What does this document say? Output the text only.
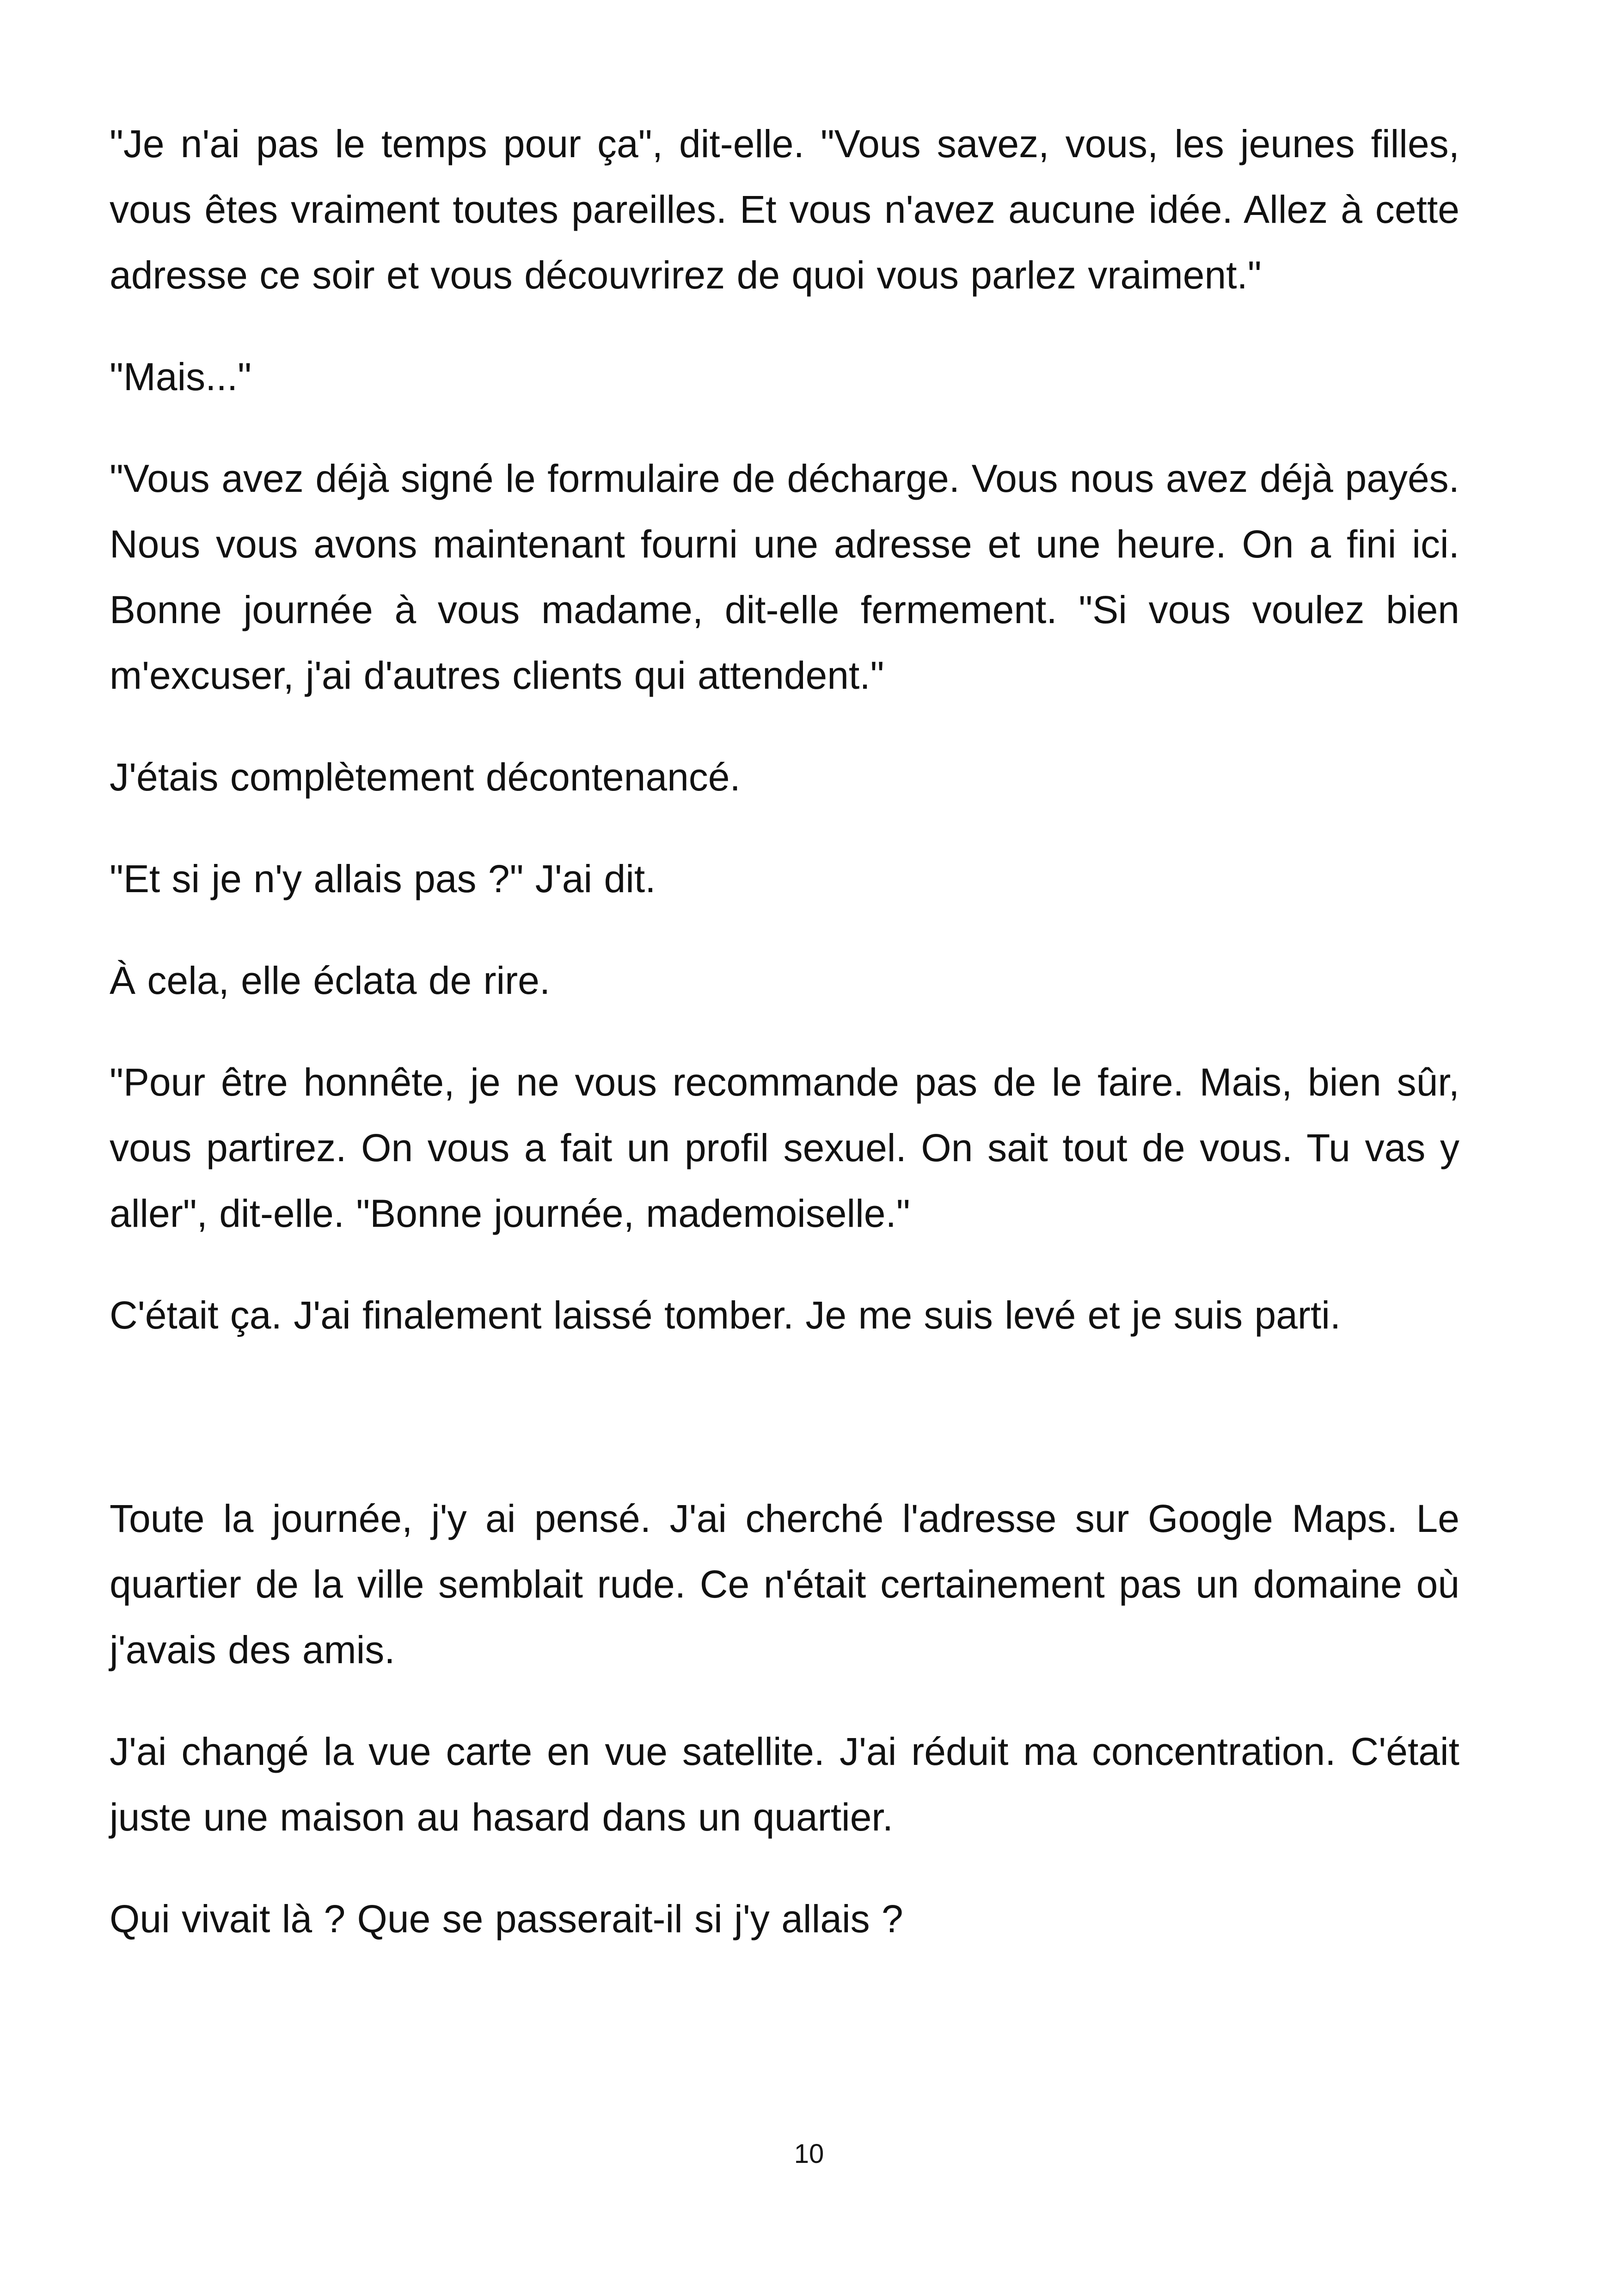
"Je n'ai pas le temps pour ça", dit-elle. "Vous savez, vous, les jeunes filles, vous êtes vraiment toutes pareilles. Et vous n'avez aucune idée. Allez à cette adresse ce soir et vous découvrirez de quoi vous parlez vraiment."

"Mais..."

"Vous avez déjà signé le formulaire de décharge. Vous nous avez déjà payés. Nous vous avons maintenant fourni une adresse et une heure. On a fini ici. Bonne journée à vous madame, dit-elle fermement. "Si vous voulez bien m'excuser, j'ai d'autres clients qui attendent."

J'étais complètement décontenancé.

"Et si je n'y allais pas ?" J'ai dit.

À cela, elle éclata de rire.

"Pour être honnête, je ne vous recommande pas de le faire. Mais, bien sûr, vous partirez. On vous a fait un profil sexuel. On sait tout de vous. Tu vas y aller", dit-elle. "Bonne journée, mademoiselle."

C'était ça. J'ai finalement laissé tomber. Je me suis levé et je suis parti.

Toute la journée, j'y ai pensé. J'ai cherché l'adresse sur Google Maps. Le quartier de la ville semblait rude. Ce n'était certainement pas un domaine où j'avais des amis.

J'ai changé la vue carte en vue satellite. J'ai réduit ma concentration. C'était juste une maison au hasard dans un quartier.

Qui vivait là ? Que se passerait-il si j'y allais ?

10
